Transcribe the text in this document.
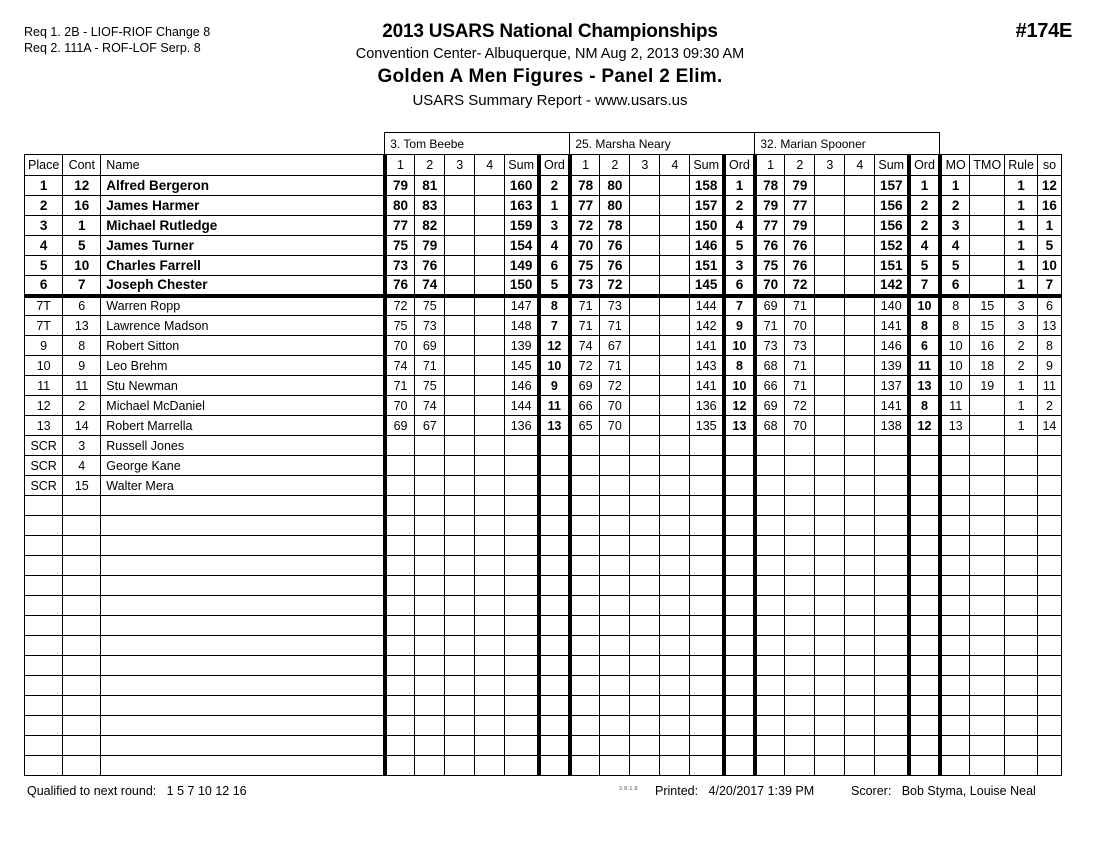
Req 1. 2B - LIOF-RIOF Change 8
Req 2. 111A - ROF-LOF Serp. 8
2013 USARS National Championships
Convention Center- Albuquerque, NM Aug 2, 2013 09:30 AM
Golden A Men Figures - Panel 2 Elim.
USARS Summary Report - www.usars.us
#174E
			3. Tom Beebe						25. Marsha Neary						32. Marian Spooner									
Place	Cont	Name	1	2	3	4	Sum	Ord	1	2	3	4	Sum	Ord	1	2	3	4	Sum	Ord	MO	TMO	Rule	so
1	12	Alfred Bergeron	79	81			160	2	78	80			158	1	78	79			157	1	1		1	12
2	16	James Harmer	80	83			163	1	77	80			157	2	79	77			156	2	2		1	16
3	1	Michael Rutledge	77	82			159	3	72	78			150	4	77	79			156	2	3		1	1
4	5	James Turner	75	79			154	4	70	76			146	5	76	76			152	4	4		1	5
5	10	Charles Farrell	73	76			149	6	75	76			151	3	75	76			151	5	5		1	10
6	7	Joseph Chester	76	74			150	5	73	72			145	6	70	72			142	7	6		1	7
7T	6	Warren Ropp	72	75			147	8	71	73			144	7	69	71			140	10	8	15	3	6
7T	13	Lawrence Madson	75	73			148	7	71	71			142	9	71	70			141	8	8	15	3	13
9	8	Robert Sitton	70	69			139	12	74	67			141	10	73	73			146	6	10	16	2	8
10	9	Leo Brehm	74	71			145	10	72	71			143	8	68	71			139	11	10	18	2	9
11	11	Stu Newman	71	75			146	9	69	72			141	10	66	71			137	13	10	19	1	11
12	2	Michael McDaniel	70	74			144	11	66	70			136	12	69	72			141	8	11		1	2
13	14	Robert Marrella	69	67			136	13	65	70			135	13	68	70			138	12	13		1	14
SCR	3	Russell Jones																						
SCR	4	George Kane																						
SCR	15	Walter Mera																						

Qualified to next round: 1 5 7 10 12 16	3.8.1.8 Printed: 4/20/2017 1:39 PM	Scorer: Bob Styma, Louise Neal
